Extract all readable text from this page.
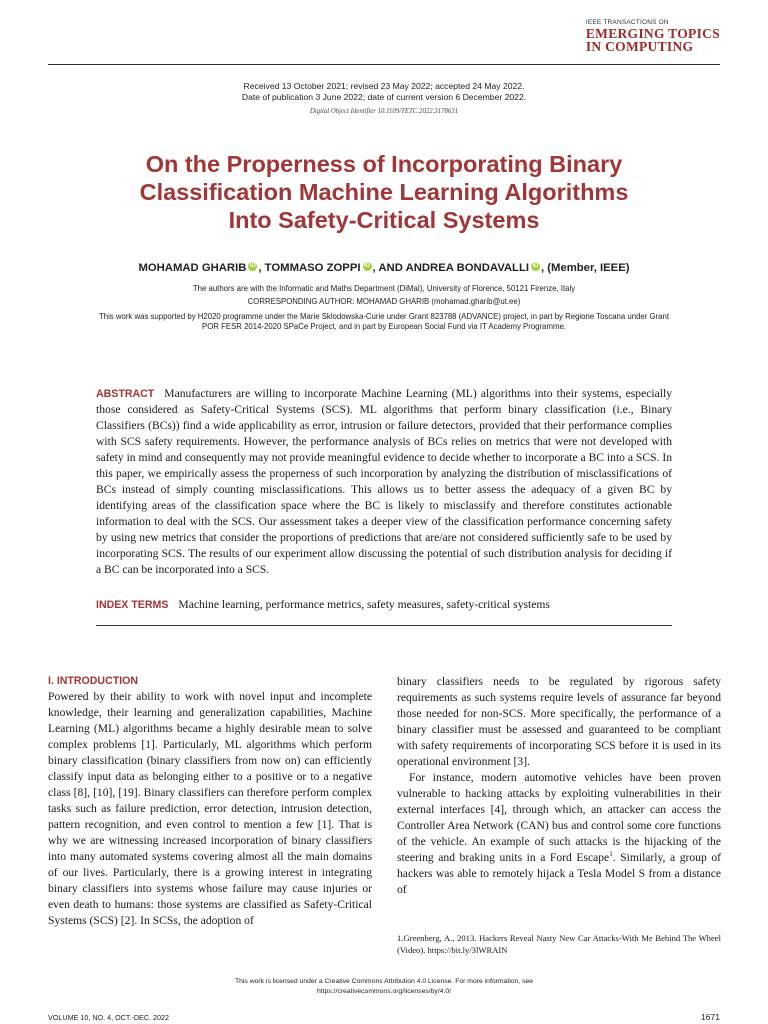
IEEE TRANSACTIONS ON
EMERGING TOPICS
IN COMPUTING
Received 13 October 2021; revised 23 May 2022; accepted 24 May 2022.
Date of publication 3 June 2022; date of current version 6 December 2022.
Digital Object Identifier 10.1109/TETC.2022.3178631
On the Properness of Incorporating Binary
Classification Machine Learning Algorithms
Into Safety-Critical Systems
MOHAMAD GHARIB iD , TOMMASO ZOPPI iD , AND ANDREA BONDAVALLI iD , (Member, IEEE)
The authors are with the Informatic and Maths Department (DiMaI), University of Florence, 50121 Firenze, Italy
CORRESPONDING AUTHOR: MOHAMAD GHARIB (mohamad.gharib@ut.ee)
This work was supported by H2020 programme under the Marie Sklodowska-Curie under Grant 823788 (ADVANCE) project, in part by Regione Toscana under Grant
POR FESR 2014-2020 SPaCe Project, and in part by European Social Fund via IT Academy Programme.
ABSTRACT Manufacturers are willing to incorporate Machine Learning (ML) algorithms into their systems, especially those considered as Safety-Critical Systems (SCS). ML algorithms that perform binary classification (i.e., Binary Classifiers (BCs)) find a wide applicability as error, intrusion or failure detectors, provided that their performance complies with SCS safety requirements. However, the performance analysis of BCs relies on metrics that were not developed with safety in mind and consequently may not provide meaningful evidence to decide whether to incorporate a BC into a SCS. In this paper, we empirically assess the properness of such incorporation by analyzing the distribution of misclassifications of BCs instead of simply counting misclassifications. This allows us to better assess the adequacy of a given BC by identifying areas of the classification space where the BC is likely to misclassify and therefore constitutes actionable information to deal with the SCS. Our assessment takes a deeper view of the classification performance concerning safety by using new metrics that consider the proportions of predictions that are/are not considered sufficiently safe to be used by incorporating SCS. The results of our experiment allow discussing the potential of such distribution analysis for deciding if a BC can be incorporated into a SCS.
INDEX TERMS Machine learning, performance metrics, safety measures, safety-critical systems
I. INTRODUCTION

Powered by their ability to work with novel input and incomplete knowledge, their learning and generalization capabilities, Machine Learning (ML) algorithms became a highly desirable mean to solve complex problems [1]. Particularly, ML algorithms which perform binary classification (binary classifiers from now on) can efficiently classify input data as belonging either to a positive or to a negative class [8], [10], [19]. Binary classifiers can therefore perform complex tasks such as failure prediction, error detection, intrusion detection, pattern recognition, and even control to mention a few [1]. That is why we are witnessing increased incorporation of binary classifiers into many automated systems covering almost all the main domains of our lives. Particularly, there is a growing interest in integrating binary classifiers into systems whose failure may cause injuries or even death to humans: those systems are classified as Safety-Critical Systems (SCS) [2]. In SCSs, the adoption of

binary classifiers needs to be regulated by rigorous safety requirements as such systems require levels of assurance far beyond those needed for non-SCS. More specifically, the performance of a binary classifier must be assessed and guaranteed to be compliant with safety requirements of incorporating SCS before it is used in its operational environment [3].

For instance, modern automotive vehicles have been proven vulnerable to hacking attacks by exploiting vulnerabilities in their external interfaces [4], through which, an attacker can access the Controller Area Network (CAN) bus and control some core functions of the vehicle. An example of such attacks is the hijacking of the steering and braking units in a Ford Escape$^1$. Similarly, a group of hackers was able to remotely hijack a Tesla Model S from a distance of

1.Greenberg, A., 2013. Hackers Reveal Nasty New Car Attacks-With Me Behind The Wheel (Video). https://bit.ly/3lWRAIN
This work is licensed under a Creative Commons Attribution 4.0 License. For more information, see
https://creativecommons.org/licenses/by/4.0/
VOLUME 10, NO. 4, OCT.-DEC. 2022	1671
